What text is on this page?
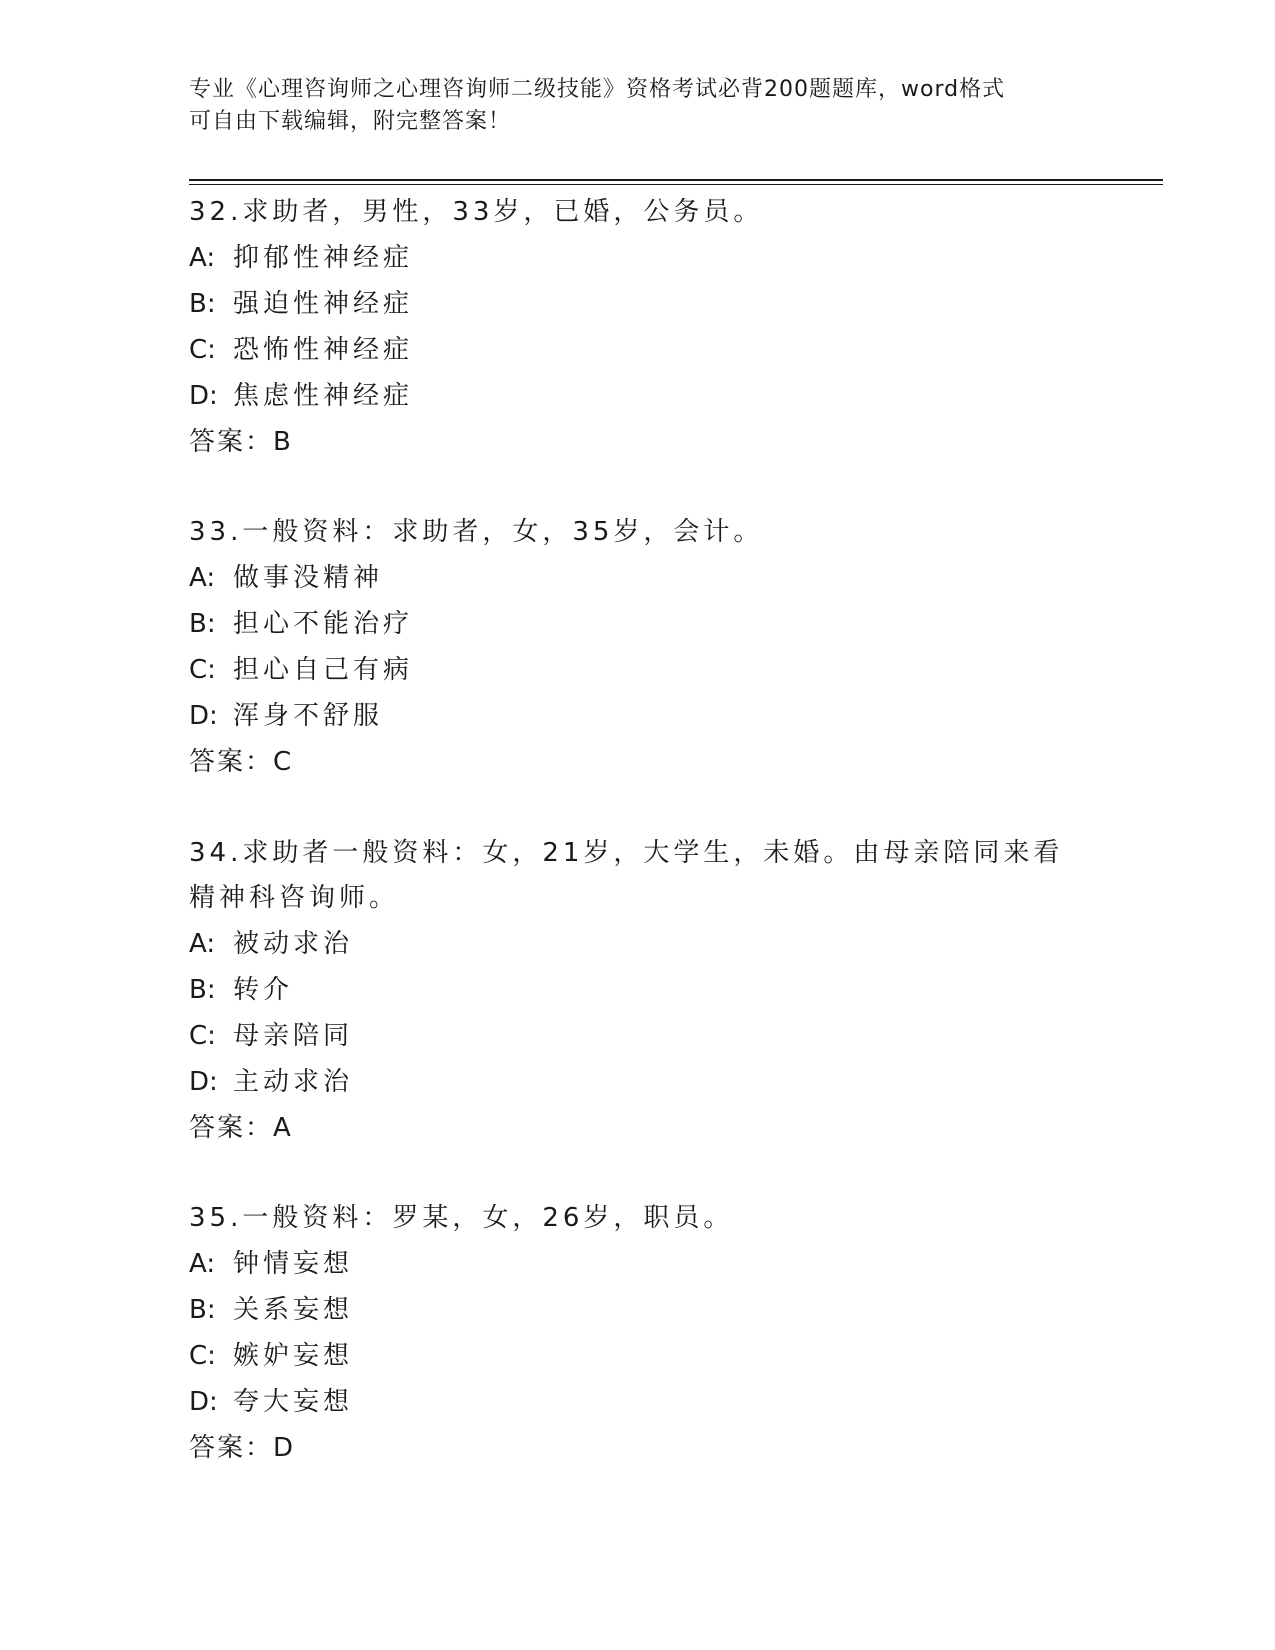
专业《心理咨询师之心理咨询师二级技能》资格考试必背200题题库，word格式
可自由下载编辑，附完整答案！
32.求助者，男性，33岁，已婚，公务员。
A: 抑郁性神经症
B: 强迫性神经症
C: 恐怖性神经症
D: 焦虑性神经症
答案：B
33.一般资料：求助者，女，35岁，会计。
A: 做事没精神
B: 担心不能治疗
C: 担心自己有病
D: 浑身不舒服
答案：C
34.求助者一般资料：女，21岁，大学生，未婚。由母亲陪同来看精神科咨询师。
A: 被动求治
B: 转介
C: 母亲陪同
D: 主动求治
答案：A
35.一般资料：罗某，女，26岁，职员。
A: 钟情妄想
B: 关系妄想
C: 嫉妒妄想
D: 夸大妄想
答案：D
